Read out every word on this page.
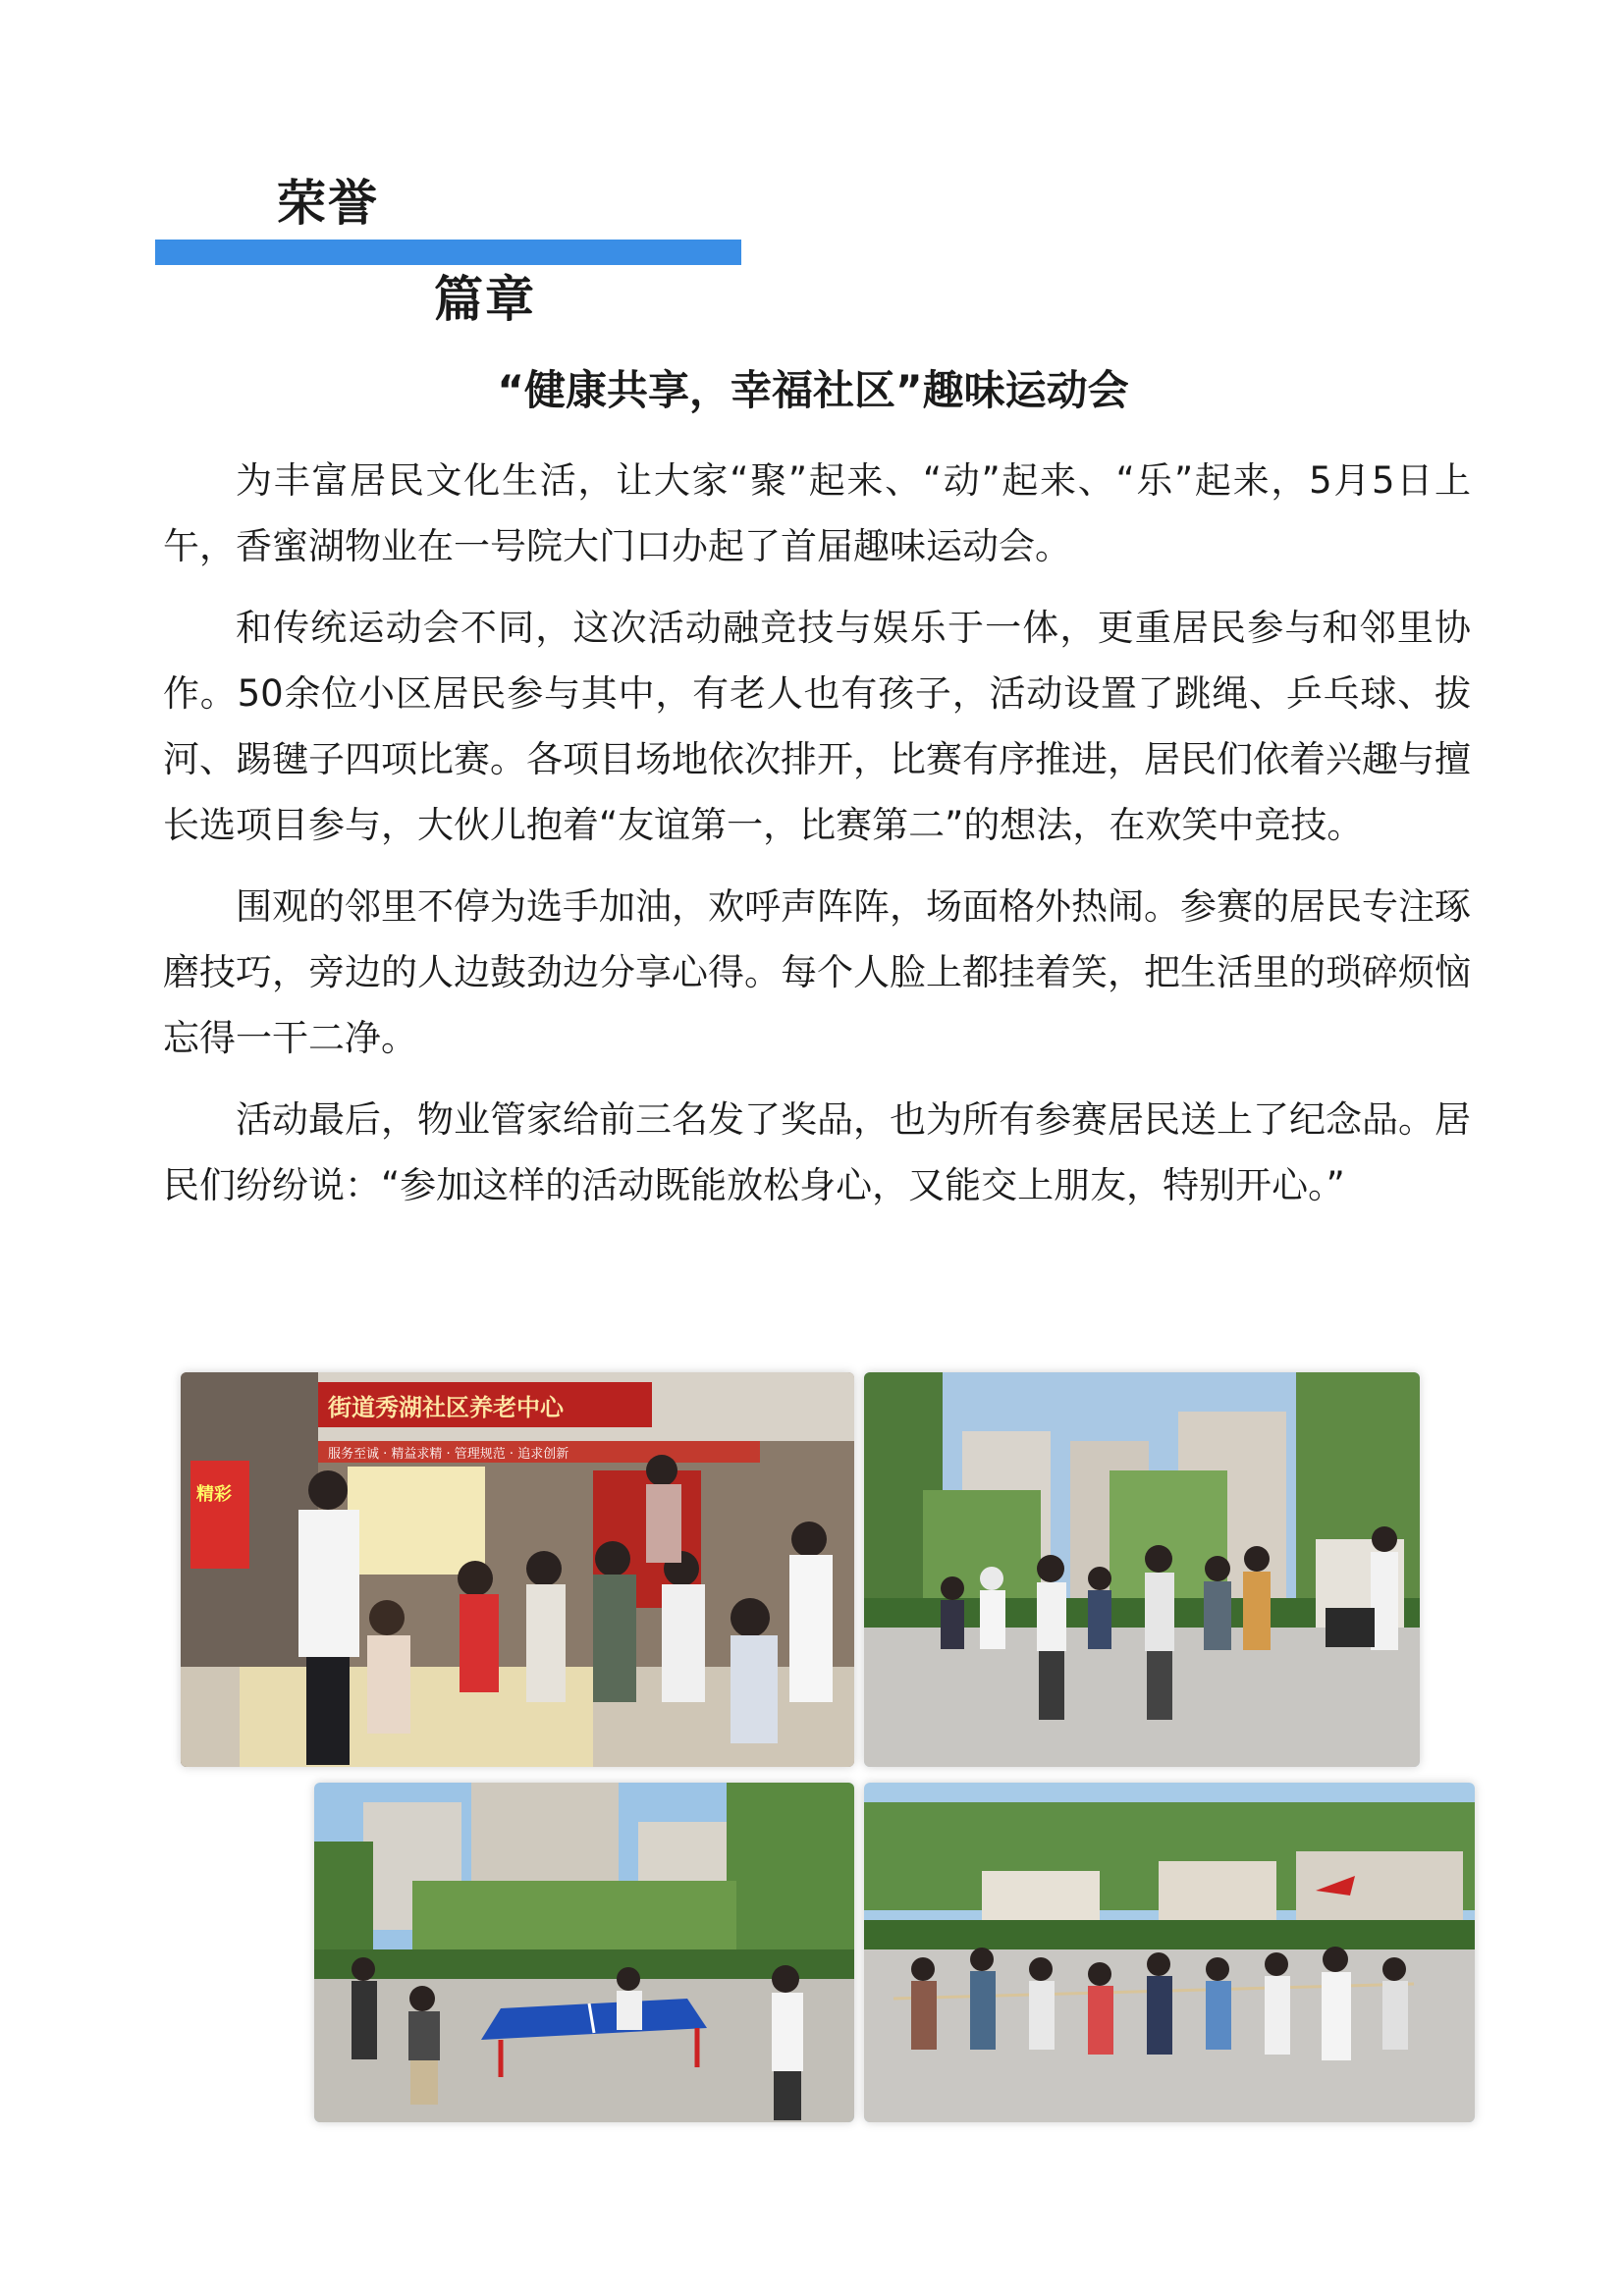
荣誉
篇章
“健康共享，幸福社区”趣味运动会

为丰富居民文化生活，让大家“聚”起来、“动”起来、“乐”起来，5月5日上午，香蜜湖物业在一号院大门口办起了首届趣味运动会。

和传统运动会不同，这次活动融竞技与娱乐于一体，更重居民参与和邻里协作。50余位小区居民参与其中，有老人也有孩子，活动设置了跳绳、乒乓球、拔河、踢毽子四项比赛。各项目场地依次排开，比赛有序推进，居民们依着兴趣与擅长选项目参与，大伙儿抱着“友谊第一，比赛第二”的想法，在欢笑中竞技。

围观的邻里不停为选手加油，欢呼声阵阵，场面格外热闹。参赛的居民专注琢磨技巧，旁边的人边鼓劲边分享心得。每个人脸上都挂着笑，把生活里的琐碎烦恼忘得一干二净。

活动最后，物业管家给前三名发了奖品，也为所有参赛居民送上了纪念品。居民们纷纷说：“参加这样的活动既能放松身心，又能交上朋友，特别开心。”

街道秀湖社区养老中心
服务至诚 · 精益求精 · 管理规范 · 追求创新
精彩
